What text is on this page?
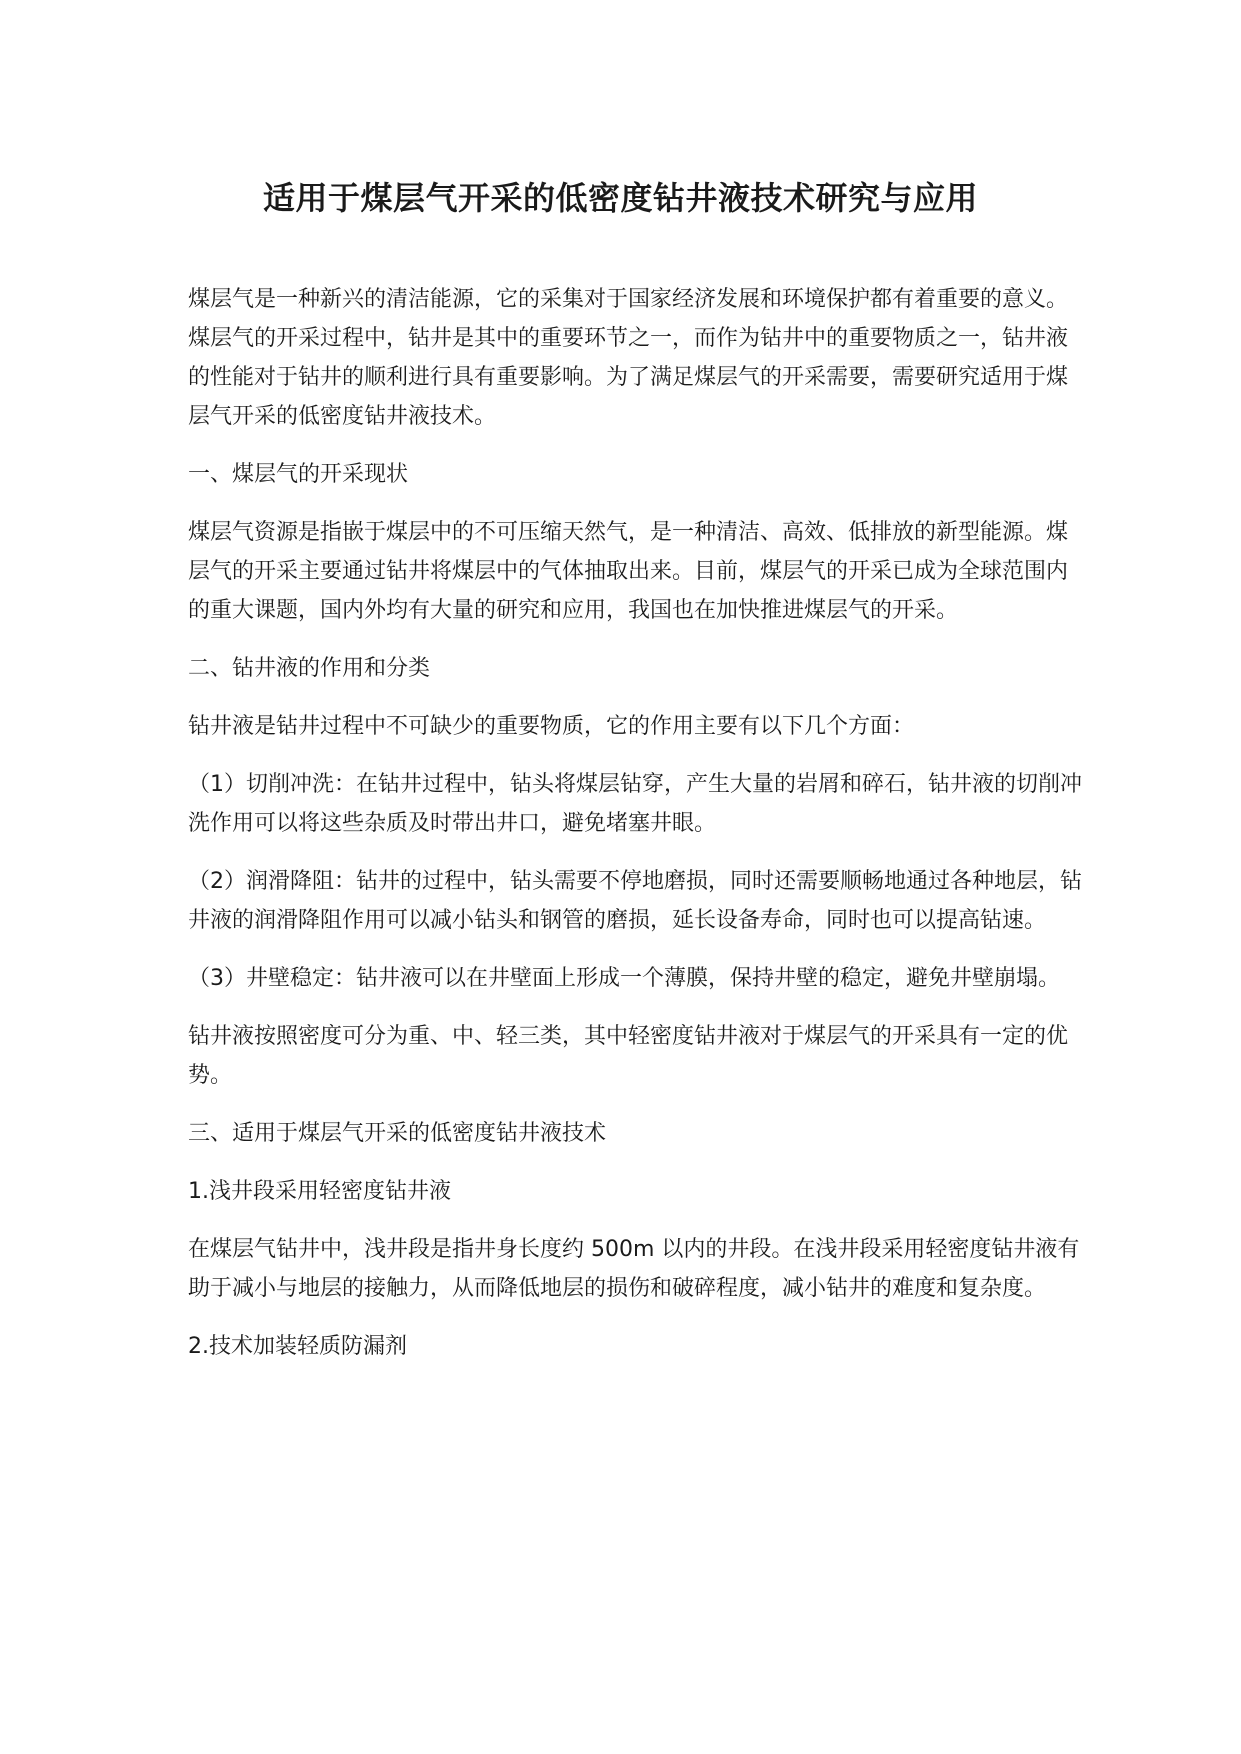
适用于煤层气开采的低密度钻井液技术研究与应用

煤层气是一种新兴的清洁能源，它的采集对于国家经济发展和环境保护都有着重要的意义。煤层气的开采过程中，钻井是其中的重要环节之一，而作为钻井中的重要物质之一，钻井液的性能对于钻井的顺利进行具有重要影响。为了满足煤层气的开采需要，需要研究适用于煤层气开采的低密度钻井液技术。

一、煤层气的开采现状

煤层气资源是指嵌于煤层中的不可压缩天然气，是一种清洁、高效、低排放的新型能源。煤层气的开采主要通过钻井将煤层中的气体抽取出来。目前，煤层气的开采已成为全球范围内的重大课题，国内外均有大量的研究和应用，我国也在加快推进煤层气的开采。

二、钻井液的作用和分类

钻井液是钻井过程中不可缺少的重要物质，它的作用主要有以下几个方面：

（1）切削冲洗：在钻井过程中，钻头将煤层钻穿，产生大量的岩屑和碎石，钻井液的切削冲洗作用可以将这些杂质及时带出井口，避免堵塞井眼。

（2）润滑降阻：钻井的过程中，钻头需要不停地磨损，同时还需要顺畅地通过各种地层，钻井液的润滑降阻作用可以减小钻头和钢管的磨损，延长设备寿命，同时也可以提高钻速。

（3）井壁稳定：钻井液可以在井壁面上形成一个薄膜，保持井壁的稳定，避免井壁崩塌。

钻井液按照密度可分为重、中、轻三类，其中轻密度钻井液对于煤层气的开采具有一定的优势。

三、适用于煤层气开采的低密度钻井液技术

1.浅井段采用轻密度钻井液

在煤层气钻井中，浅井段是指井身长度约 500m 以内的井段。在浅井段采用轻密度钻井液有助于减小与地层的接触力，从而降低地层的损伤和破碎程度，减小钻井的难度和复杂度。

2.技术加装轻质防漏剂
